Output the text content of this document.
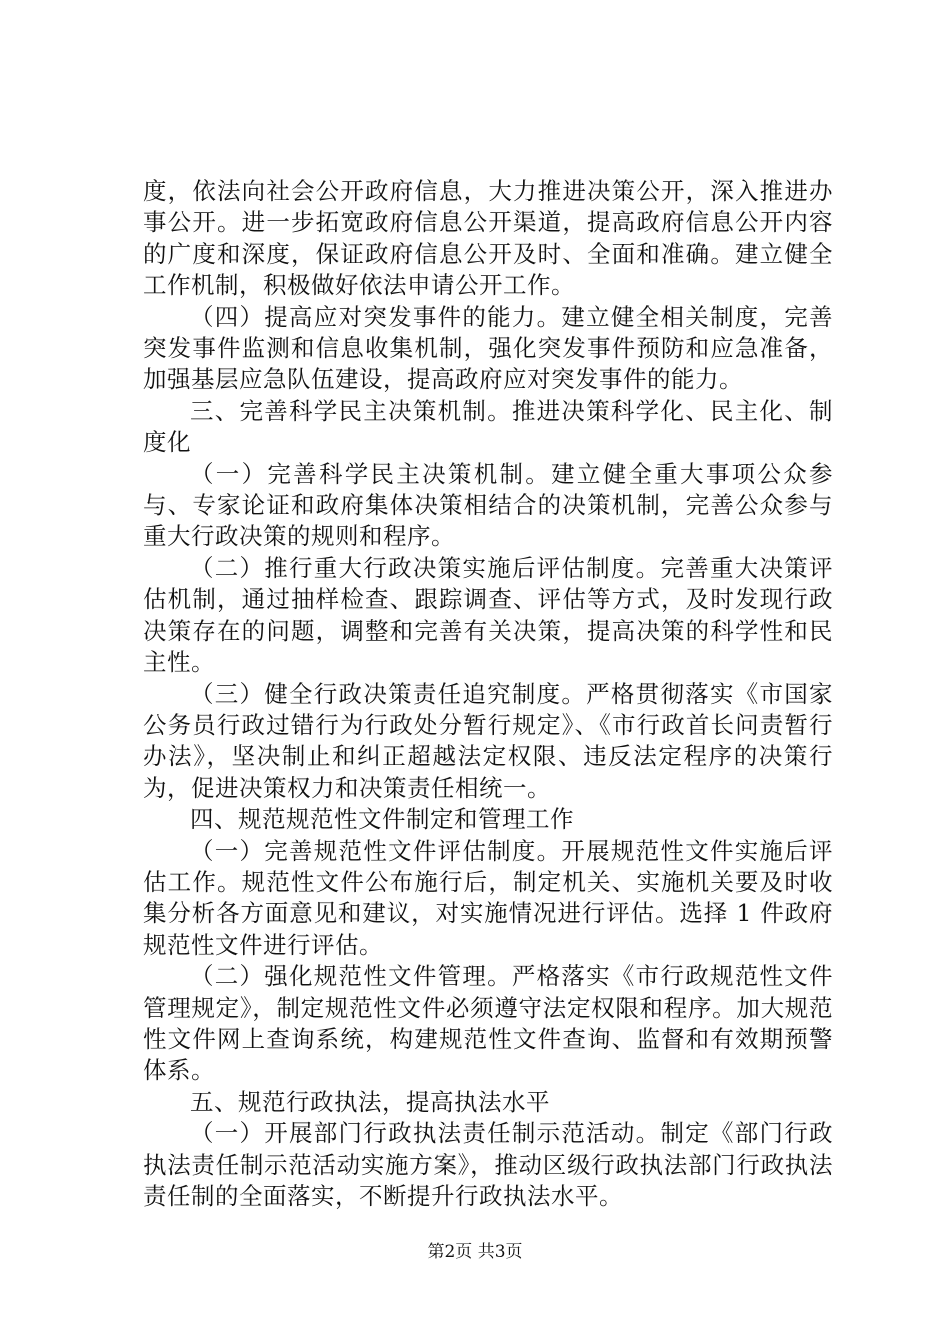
度，依法向社会公开政府信息，大力推进决策公开，深入推进办事公开。进一步拓宽政府信息公开渠道，提高政府信息公开内容的广度和深度，保证政府信息公开及时、全面和准确。建立健全工作机制，积极做好依法申请公开工作。

（四）提高应对突发事件的能力。建立健全相关制度，完善突发事件监测和信息收集机制，强化突发事件预防和应急准备，加强基层应急队伍建设，提高政府应对突发事件的能力。

三、完善科学民主决策机制。推进决策科学化、民主化、制度化

（一）完善科学民主决策机制。建立健全重大事项公众参与、专家论证和政府集体决策相结合的决策机制，完善公众参与重大行政决策的规则和程序。

（二）推行重大行政决策实施后评估制度。完善重大决策评估机制，通过抽样检查、跟踪调查、评估等方式，及时发现行政决策存在的问题，调整和完善有关决策，提高决策的科学性和民主性。

（三）健全行政决策责任追究制度。严格贯彻落实《市国家公务员行政过错行为行政处分暂行规定》、《市行政首长问责暂行办法》，坚决制止和纠正超越法定权限、违反法定程序的决策行为，促进决策权力和决策责任相统一。

四、规范规范性文件制定和管理工作

（一）完善规范性文件评估制度。开展规范性文件实施后评估工作。规范性文件公布施行后，制定机关、实施机关要及时收集分析各方面意见和建议，对实施情况进行评估。选择 1 件政府规范性文件进行评估。

（二）强化规范性文件管理。严格落实《市行政规范性文件管理规定》，制定规范性文件必须遵守法定权限和程序。加大规范性文件网上查询系统，构建规范性文件查询、监督和有效期预警体系。

五、规范行政执法，提高执法水平

（一）开展部门行政执法责任制示范活动。制定《部门行政执法责任制示范活动实施方案》，推动区级行政执法部门行政执法责任制的全面落实，不断提升行政执法水平。

第2页 共3页
